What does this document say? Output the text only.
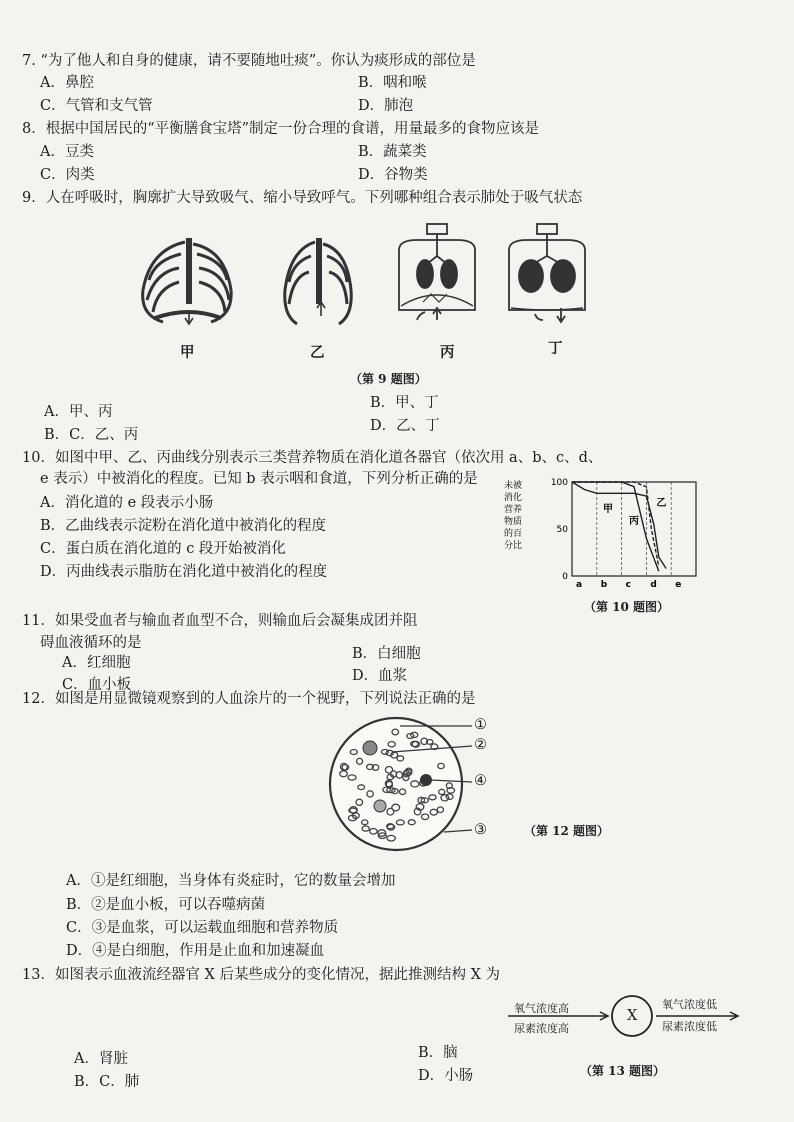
7. “为了他人和自身的健康，请不要随地吐痰”。你认为痰形成的部位是
A．鼻腔	B．咽和喉
C．气管和支气管	D．肺泡
8．根据中国居民的“平衡膳食宝塔”制定一份合理的食谱，用量最多的食物应该是
A．豆类	B．蔬菜类
C．肉类	D．谷物类
9．人在呼吸时，胸廓扩大导致吸气、缩小导致呼气。下列哪种组合表示肺处于吸气状态
甲	乙	丙	丁
（第 9 题图）
A．甲、丙
B．甲、丁
B．C．乙、丙
D．乙、丁
10．如图中甲、乙、丙曲线分别表示三类营养物质在消化道各器官（依次用 a、b、c、d、
e 表示）中被消化的程度。已知 b 表示咽和食道，下列分析正确的是
A．消化道的 e 段表示小肠
B．乙曲线表示淀粉在消化道中被消化的程度
C．蛋白质在消化道的 c 段开始被消化
D．丙曲线表示脂肪在消化道中被消化的程度
未被消化营养物质的百分比
0
50
100
a b c d e
甲
丙
乙
（第 10 题图）
11．如果受血者与输血者血型不合，则输血后会凝集成团并阻
碍血液循环的是
A．红细胞
B．白细胞
C．血小板
D．血浆
12．如图是用显微镜观察到的人血涂片的一个视野，下列说法正确的是
①
②
④
③	（第 12 题图）
A．①是红细胞，当身体有炎症时，它的数量会增加
B．②是血小板，可以吞噬病菌
C．③是血浆，可以运载血细胞和营养物质
D．④是白细胞，作用是止血和加速凝血
13．如图表示血液流经器官 X 后某些成分的变化情况，据此推测结构 X 为
氧气浓度高
尿素浓度高
X
氧气浓度低
尿素浓度低
（第 13 题图）
A．肾脏	B．脑
B．C．肺	D．小肠
